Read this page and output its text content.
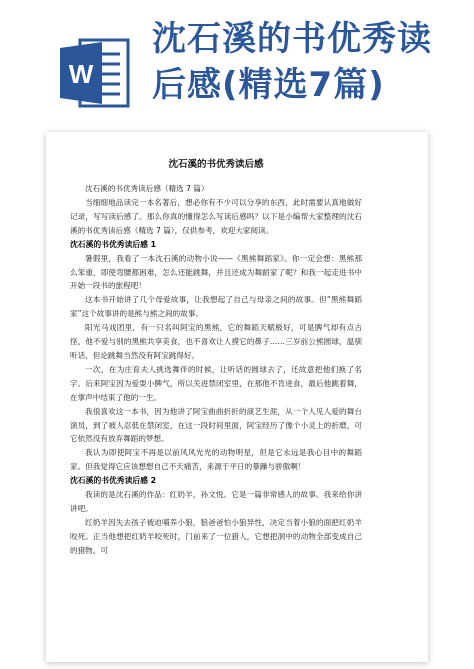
W
沈石溪的书优秀读后感(精选7篇)
沈石溪的书优秀读后感

沈石溪的书优秀读后感（精选 7 篇）

当细细地品读完一本名著后，想必你有不少可以分享的东西，此时需要认真地做好记录，写写读后感了。那么你真的懂得怎么写读后感吗？以下是小编帮大家整理的沈石溪的书优秀读后感（精选 7 篇），仅供参考，欢迎大家阅读。

沈石溪的书优秀读后感 1

暑假里，我看了一本沈石溪的动物小说——《黑熊舞蹈家》。你一定会想：黑熊那么笨重，即使弯腰都困难，怎么还能跳舞，并且还成为舞蹈家了呢？和我一起走进书中开始一段书的旅程吧！

这本书开始讲了几个母爱故事，让我想起了自己与母亲之间的故事。但“黑熊舞蹈家”这个故事讲的是熊与熊之间的故事。

阳光马戏团里，有一只名叫阿宝的黑熊，它的舞蹈天赋极好，可是脾气却有点古怪，他不爱与别的黑熊共享美食，也不喜欢让人摸它的鼻子……三岁前公熊圆球，温驯听话，但论跳舞当然没有阿宝跳得好。

一次，在为庄育夫人挑选舞伴的时候，让听话的圆球去了，还故意把他们换了名字。后来阿宝因为爱耍小脾气，所以关进禁闭室里，在那他不肯进食，最后他跳着舞，在掌声中结束了他的一生。

我很喜欢这一本书，因为他讲了阿宝曲曲折折的演艺生涯，从一个人见人爱的舞台演员，到了被人忍低在禁闭室，在这一段时间里面，阿宝经历了像个小灵上的折磨，可它依然没有放弃舞蹈的梦想。

我认为即使阿宝不再是以前风风光光的动物明星，但是它永远是我心目中的舞蹈家。但我觉得它应该想想自己不天痛苦，来源于平日的暴躁与骄傲啊！

沈石溪的书优秀读后感 2

我读的是沈石溪的作品：红奶羊，孙文悦。它是一篇非常感人的故事。我来给你讲讲吧。

红奶羊因失去孩子被迫哺养小狼，狼爸爸怕小狼异性，决定当着小狼的面把红奶羊咬死。正当他想把红奶羊咬死时，门前来了一位猎人，它想把洞中的动物全部变成自己的猎物。可
